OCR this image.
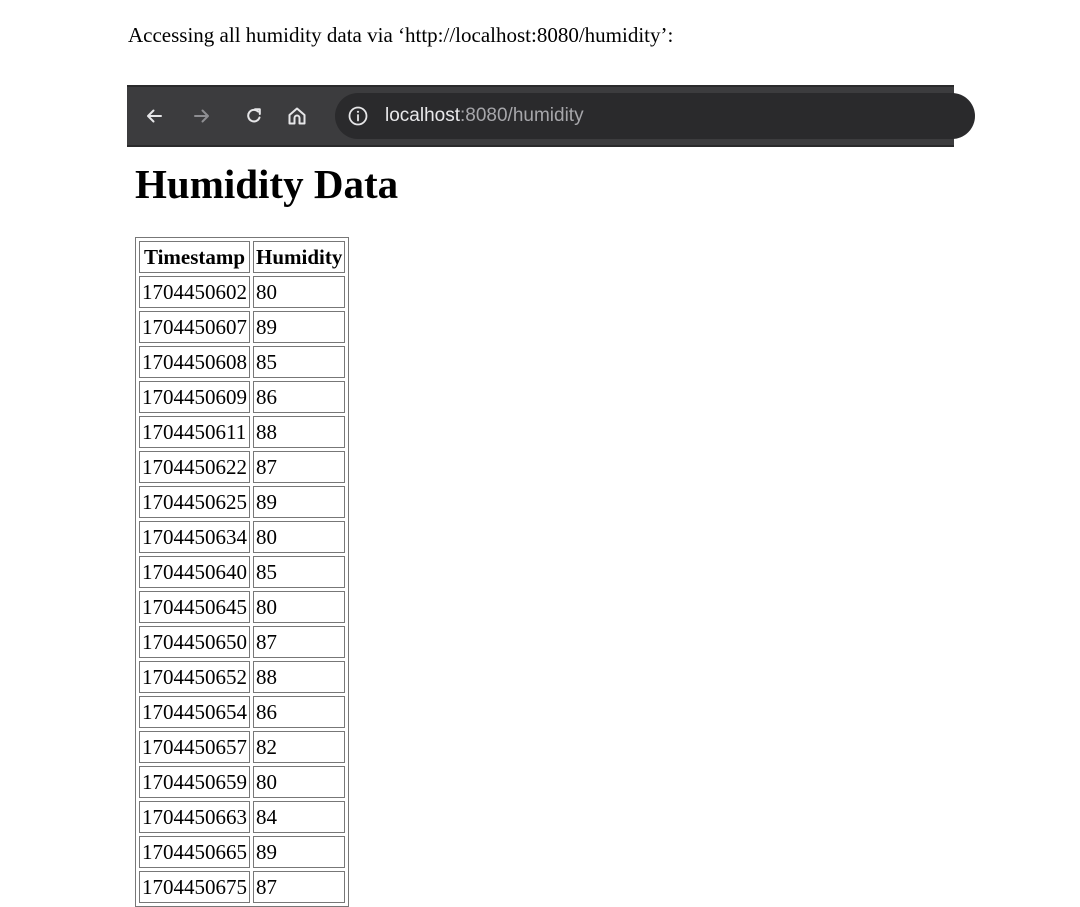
Accessing all humidity data via ‘http://localhost:8080/humidity’:
localhost:8080/humidity
Humidity Data
Timestamp	Humidity
1704450602	80
1704450607	89
1704450608	85
1704450609	86
1704450611	88
1704450622	87
1704450625	89
1704450634	80
1704450640	85
1704450645	80
1704450650	87
1704450652	88
1704450654	86
1704450657	82
1704450659	80
1704450663	84
1704450665	89
1704450675	87
